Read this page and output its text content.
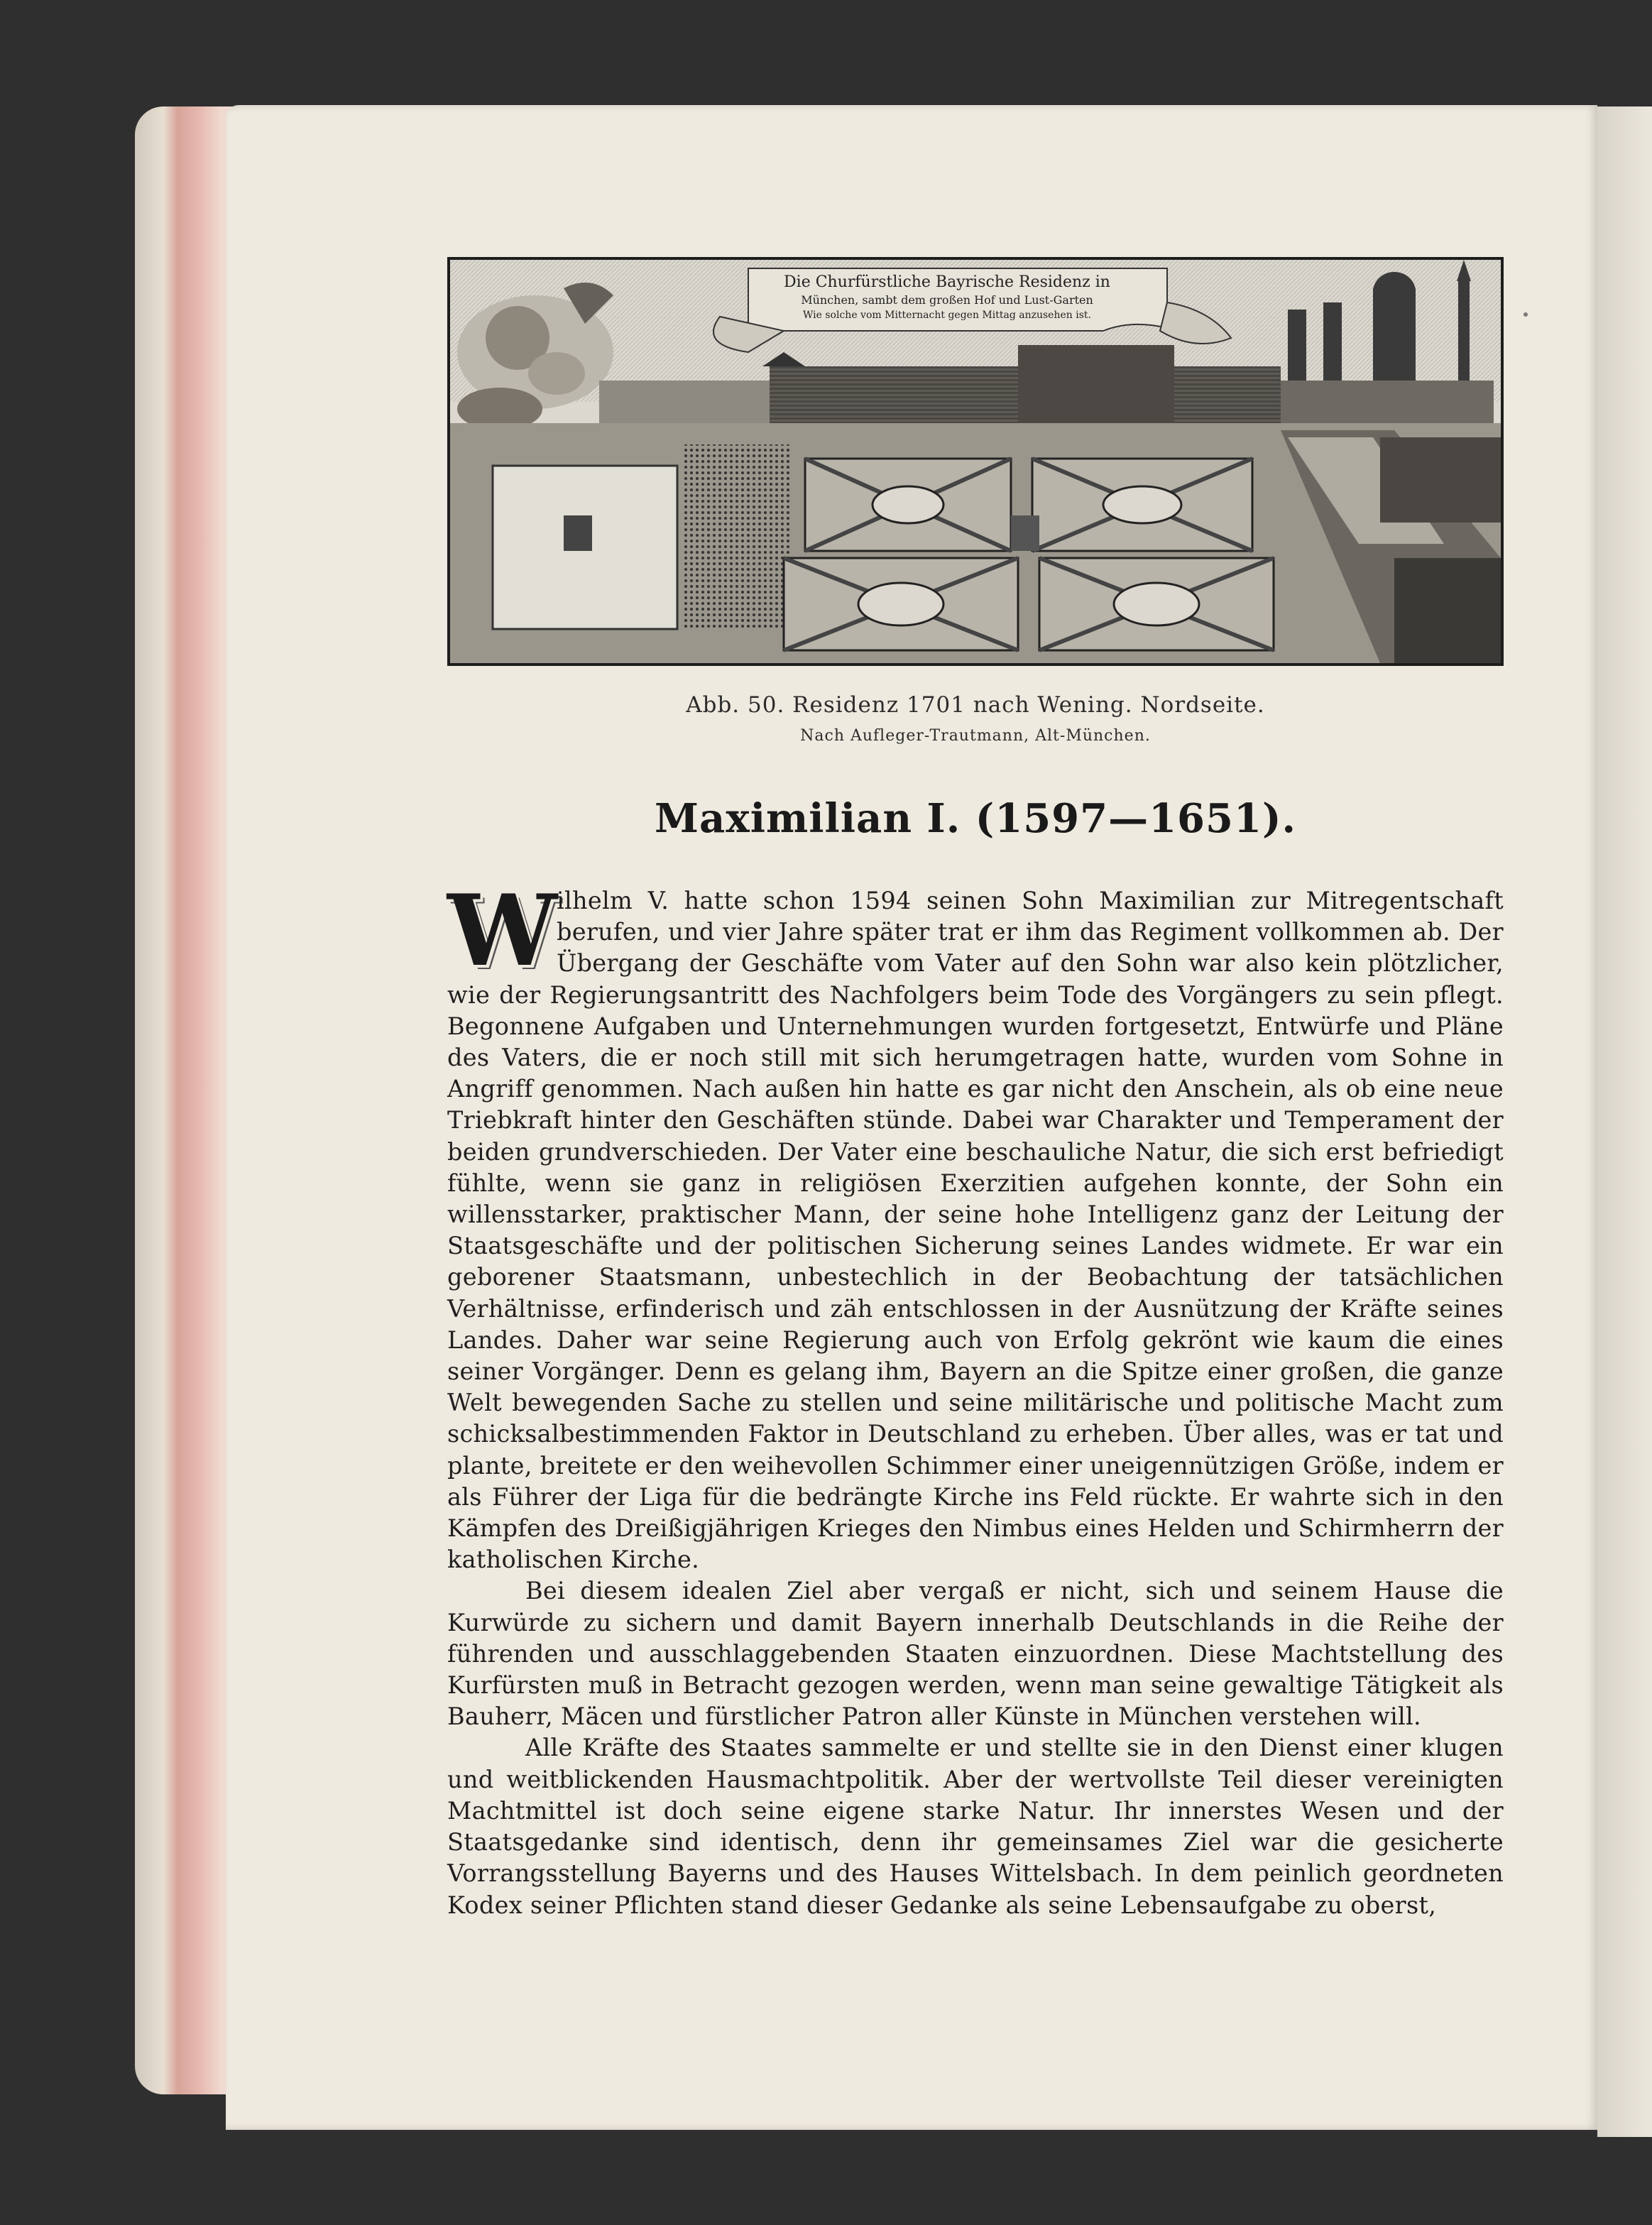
Die Churfürstliche Bayrische Residenz in
München, sambt dem großen Hof und Lust-Garten
Wie solche vom Mitternacht gegen Mittag anzusehen ist.
Abb. 50. Residenz 1701 nach Wening. Nordseite.
Nach Aufleger-Trautmann, Alt-München.
Maximilian I. (1597—1651).

W
ilhelm V. hatte schon 1594 seinen Sohn Maximilian zur Mitregentschaft berufen, und vier Jahre später trat er ihm das Regiment vollkommen ab. Der Übergang der Geschäfte vom Vater auf den Sohn war also kein plötzlicher, wie der Regierungsantritt des Nachfolgers beim Tode des Vorgängers zu sein pflegt. Begonnene Aufgaben und Unternehmungen wurden fortgesetzt, Entwürfe und Pläne des Vaters, die er noch still mit sich herumgetragen hatte, wurden vom Sohne in Angriff genommen. Nach außen hin hatte es gar nicht den Anschein, als ob eine neue Triebkraft hinter den Geschäften stünde. Dabei war Charakter und Temperament der beiden grundverschieden. Der Vater eine beschauliche Natur, die sich erst befriedigt fühlte, wenn sie ganz in religiösen Exerzitien aufgehen konnte, der Sohn ein willensstarker, praktischer Mann, der seine hohe Intelligenz ganz der Leitung der Staatsgeschäfte und der politischen Sicherung seines Landes widmete. Er war ein geborener Staatsmann, unbestechlich in der Beobachtung der tatsächlichen Verhältnisse, erfinderisch und zäh entschlossen in der Ausnützung der Kräfte seines Landes. Daher war seine Regierung auch von Erfolg gekrönt wie kaum die eines seiner Vorgänger. Denn es gelang ihm, Bayern an die Spitze einer großen, die ganze Welt bewegenden Sache zu stellen und seine militärische und politische Macht zum schicksalbestimmenden Faktor in Deutschland zu erheben. Über alles, was er tat und plante, breitete er den weihevollen Schimmer einer uneigennützigen Größe, indem er als Führer der Liga für die bedrängte Kirche ins Feld rückte. Er wahrte sich in den Kämpfen des Dreißigjährigen Krieges den Nimbus eines Helden und Schirmherrn der katholischen Kirche.

Bei diesem idealen Ziel aber vergaß er nicht, sich und seinem Hause die Kurwürde zu sichern und damit Bayern innerhalb Deutschlands in die Reihe der führenden und ausschlaggebenden Staaten einzuordnen. Diese Machtstellung des Kurfürsten muß in Betracht gezogen werden, wenn man seine gewaltige Tätigkeit als Bauherr, Mäcen und fürstlicher Patron aller Künste in München verstehen will.

Alle Kräfte des Staates sammelte er und stellte sie in den Dienst einer klugen und weitblickenden Hausmachtpolitik. Aber der wertvollste Teil dieser vereinigten Machtmittel ist doch seine eigene starke Natur. Ihr innerstes Wesen und der Staatsgedanke sind identisch, denn ihr gemeinsames Ziel war die gesicherte Vorrangsstellung Bayerns und des Hauses Wittelsbach. In dem peinlich geordneten Kodex seiner Pflichten stand dieser Gedanke als seine Lebensaufgabe zu oberst,
